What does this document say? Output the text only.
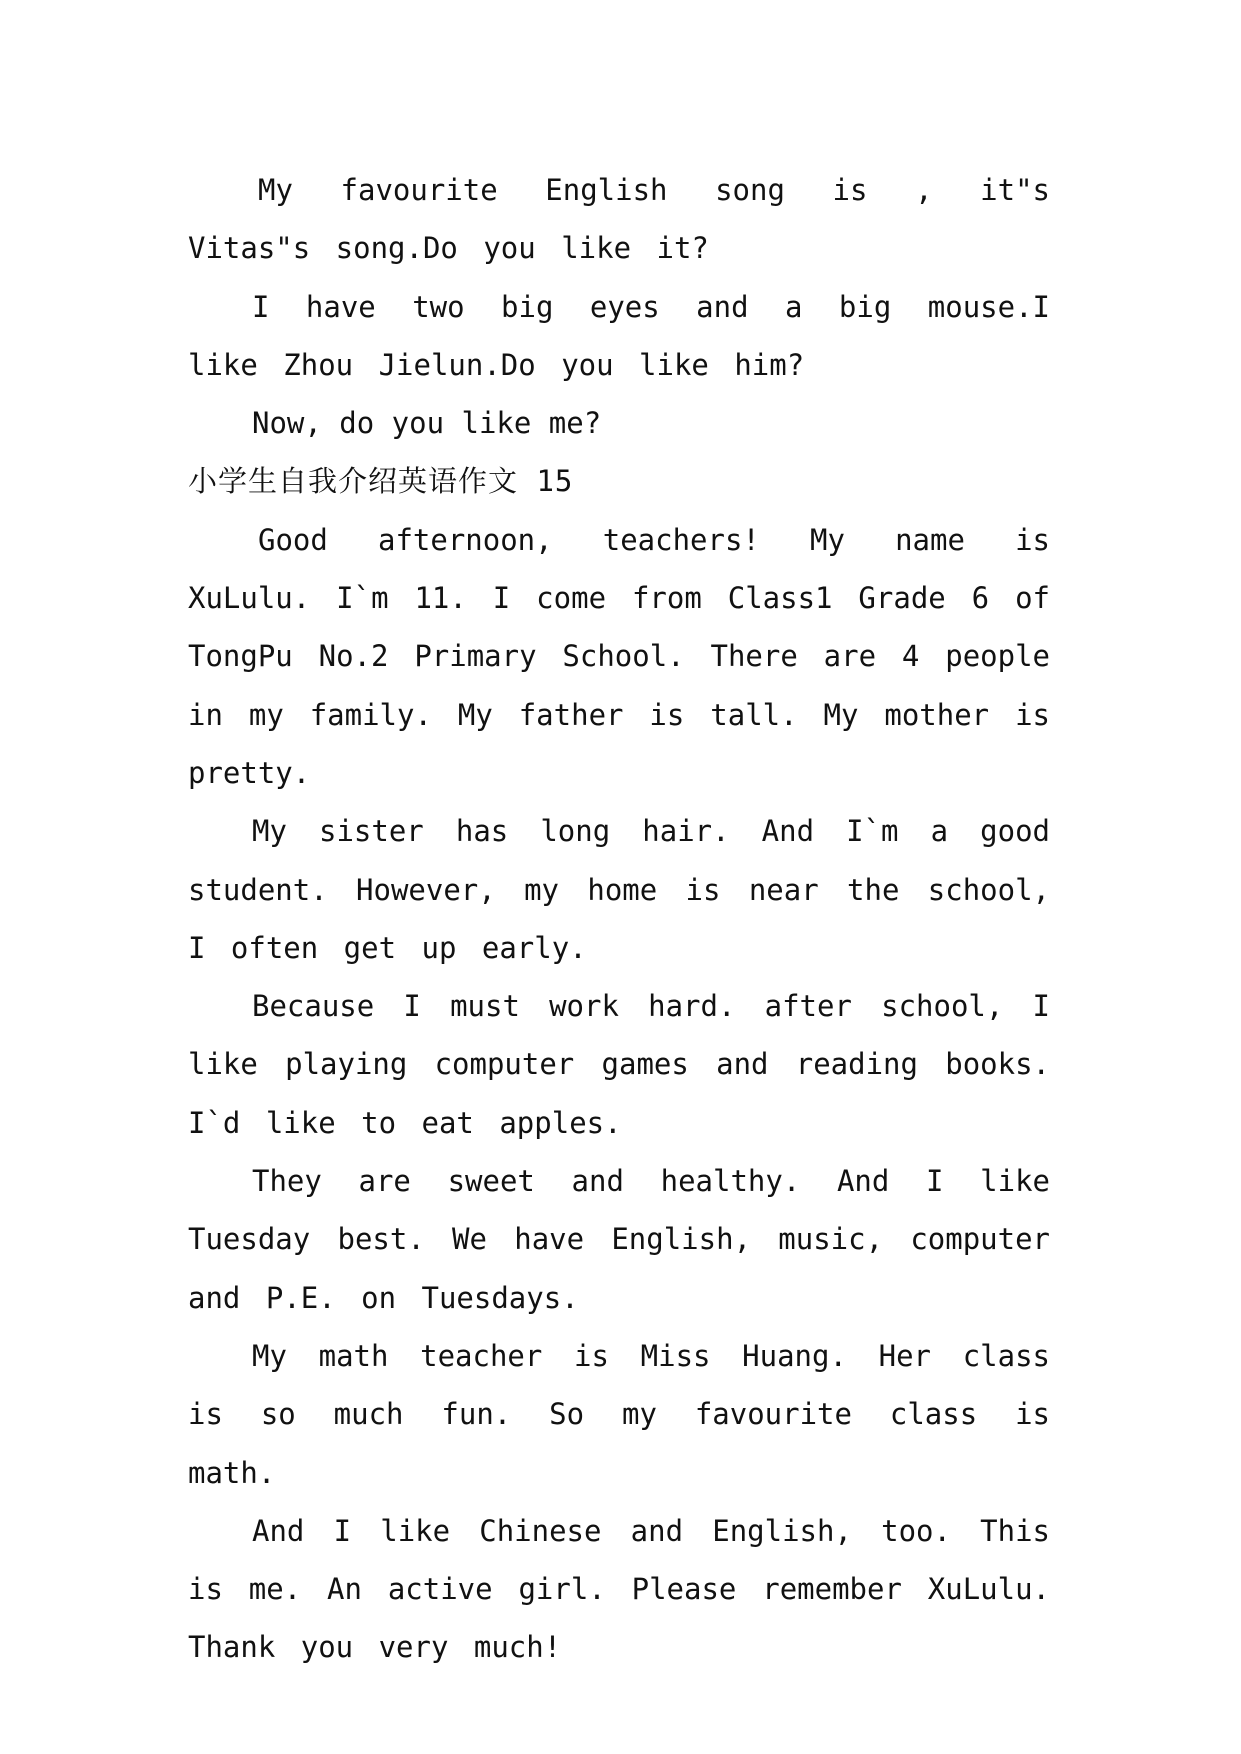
My favourite English song is , it"s Vitas"s song.Do you like it?

I have two big eyes and a big mouse.I like Zhou Jielun.Do you like him?

Now, do you like me?

小学生自我介绍英语作文 15

Good afternoon, teachers! My name is XuLulu. I`m 11. I come from Class1 Grade 6 of TongPu No.2 Primary School. There are 4 people in my family. My father is tall. My mother is pretty.

My sister has long hair. And I`m a good student. However, my home is near the school, I often get up early.

Because I must work hard. after school, I like playing computer games and reading books. I`d like to eat apples.

They are sweet and healthy. And I like Tuesday best. We have English, music, computer and P.E. on Tuesdays.

My math teacher is Miss Huang. Her class is so much fun. So my favourite class is math.

And I like Chinese and English, too. This is me. An active girl. Please remember XuLulu. Thank you very much!
